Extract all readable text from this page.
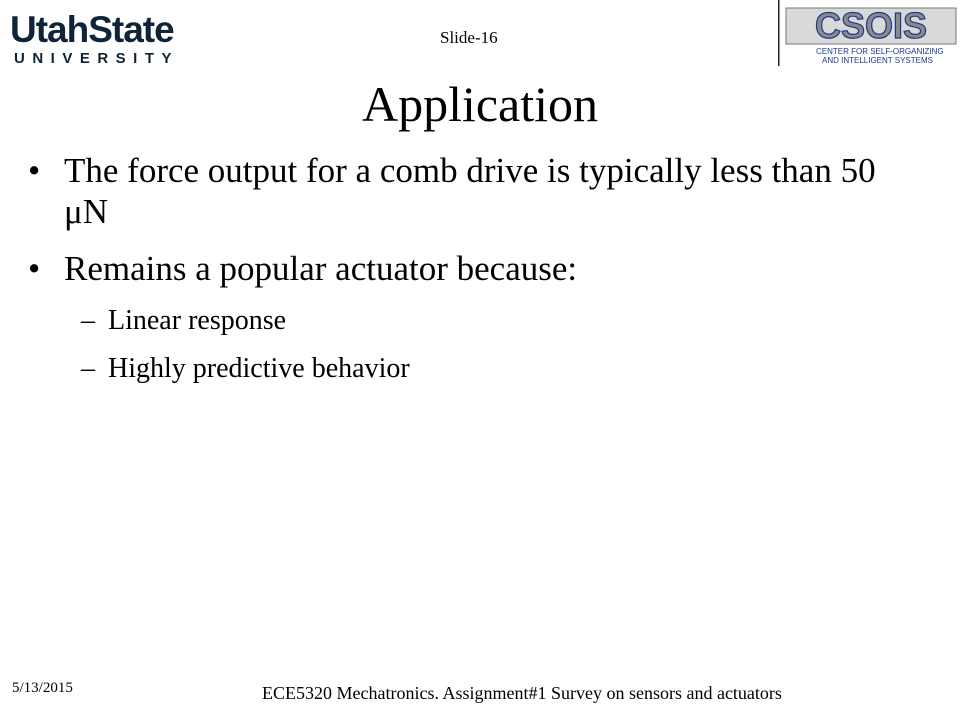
UtahState
UNIVERSITY
Slide-16	CSOIS
CENTER FOR SELF-ORGANIZING
AND INTELLIGENT SYSTEMS
Application
• The force output for a comb drive is typically less than 50 μN
• Remains a popular actuator because:
– Linear response
– Highly predictive behavior
5/13/2015	ECE5320 Mechatronics. Assignment#1 Survey on sensors and actuators
